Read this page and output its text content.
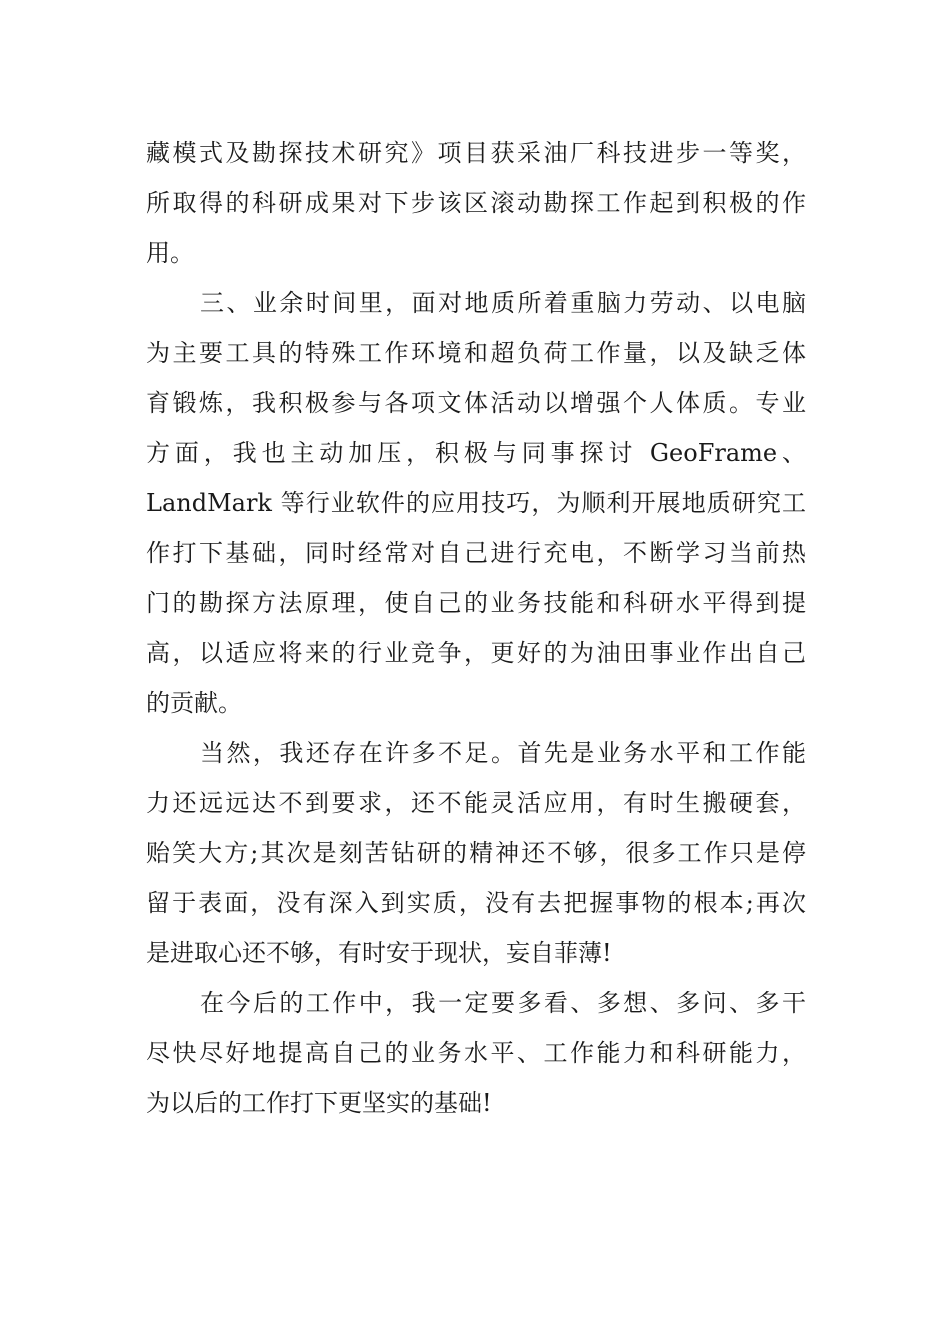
藏模式及勘探技术研究》项目获采油厂科技进步一等奖，
所取得的科研成果对下步该区滚动勘探工作起到积极的作
用。
三、业余时间里，面对地质所着重脑力劳动、以电脑
为主要工具的特殊工作环境和超负荷工作量，以及缺乏体
育锻炼，我积极参与各项文体活动以增强个人体质。专业
方面，我也主动加压，积极与同事探讨 GeoFrame、
LandMark 等行业软件的应用技巧，为顺利开展地质研究工
作打下基础，同时经常对自己进行充电，不断学习当前热
门的勘探方法原理，使自己的业务技能和科研水平得到提
高，以适应将来的行业竞争，更好的为油田事业作出自己
的贡献。
当然，我还存在许多不足。首先是业务水平和工作能
力还远远达不到要求，还不能灵活应用，有时生搬硬套，
贻笑大方;其次是刻苦钻研的精神还不够，很多工作只是停
留于表面，没有深入到实质，没有去把握事物的根本;再次
是进取心还不够，有时安于现状，妄自菲薄!
在今后的工作中，我一定要多看、多想、多问、多干
尽快尽好地提高自己的业务水平、工作能力和科研能力，
为以后的工作打下更坚实的基础!
